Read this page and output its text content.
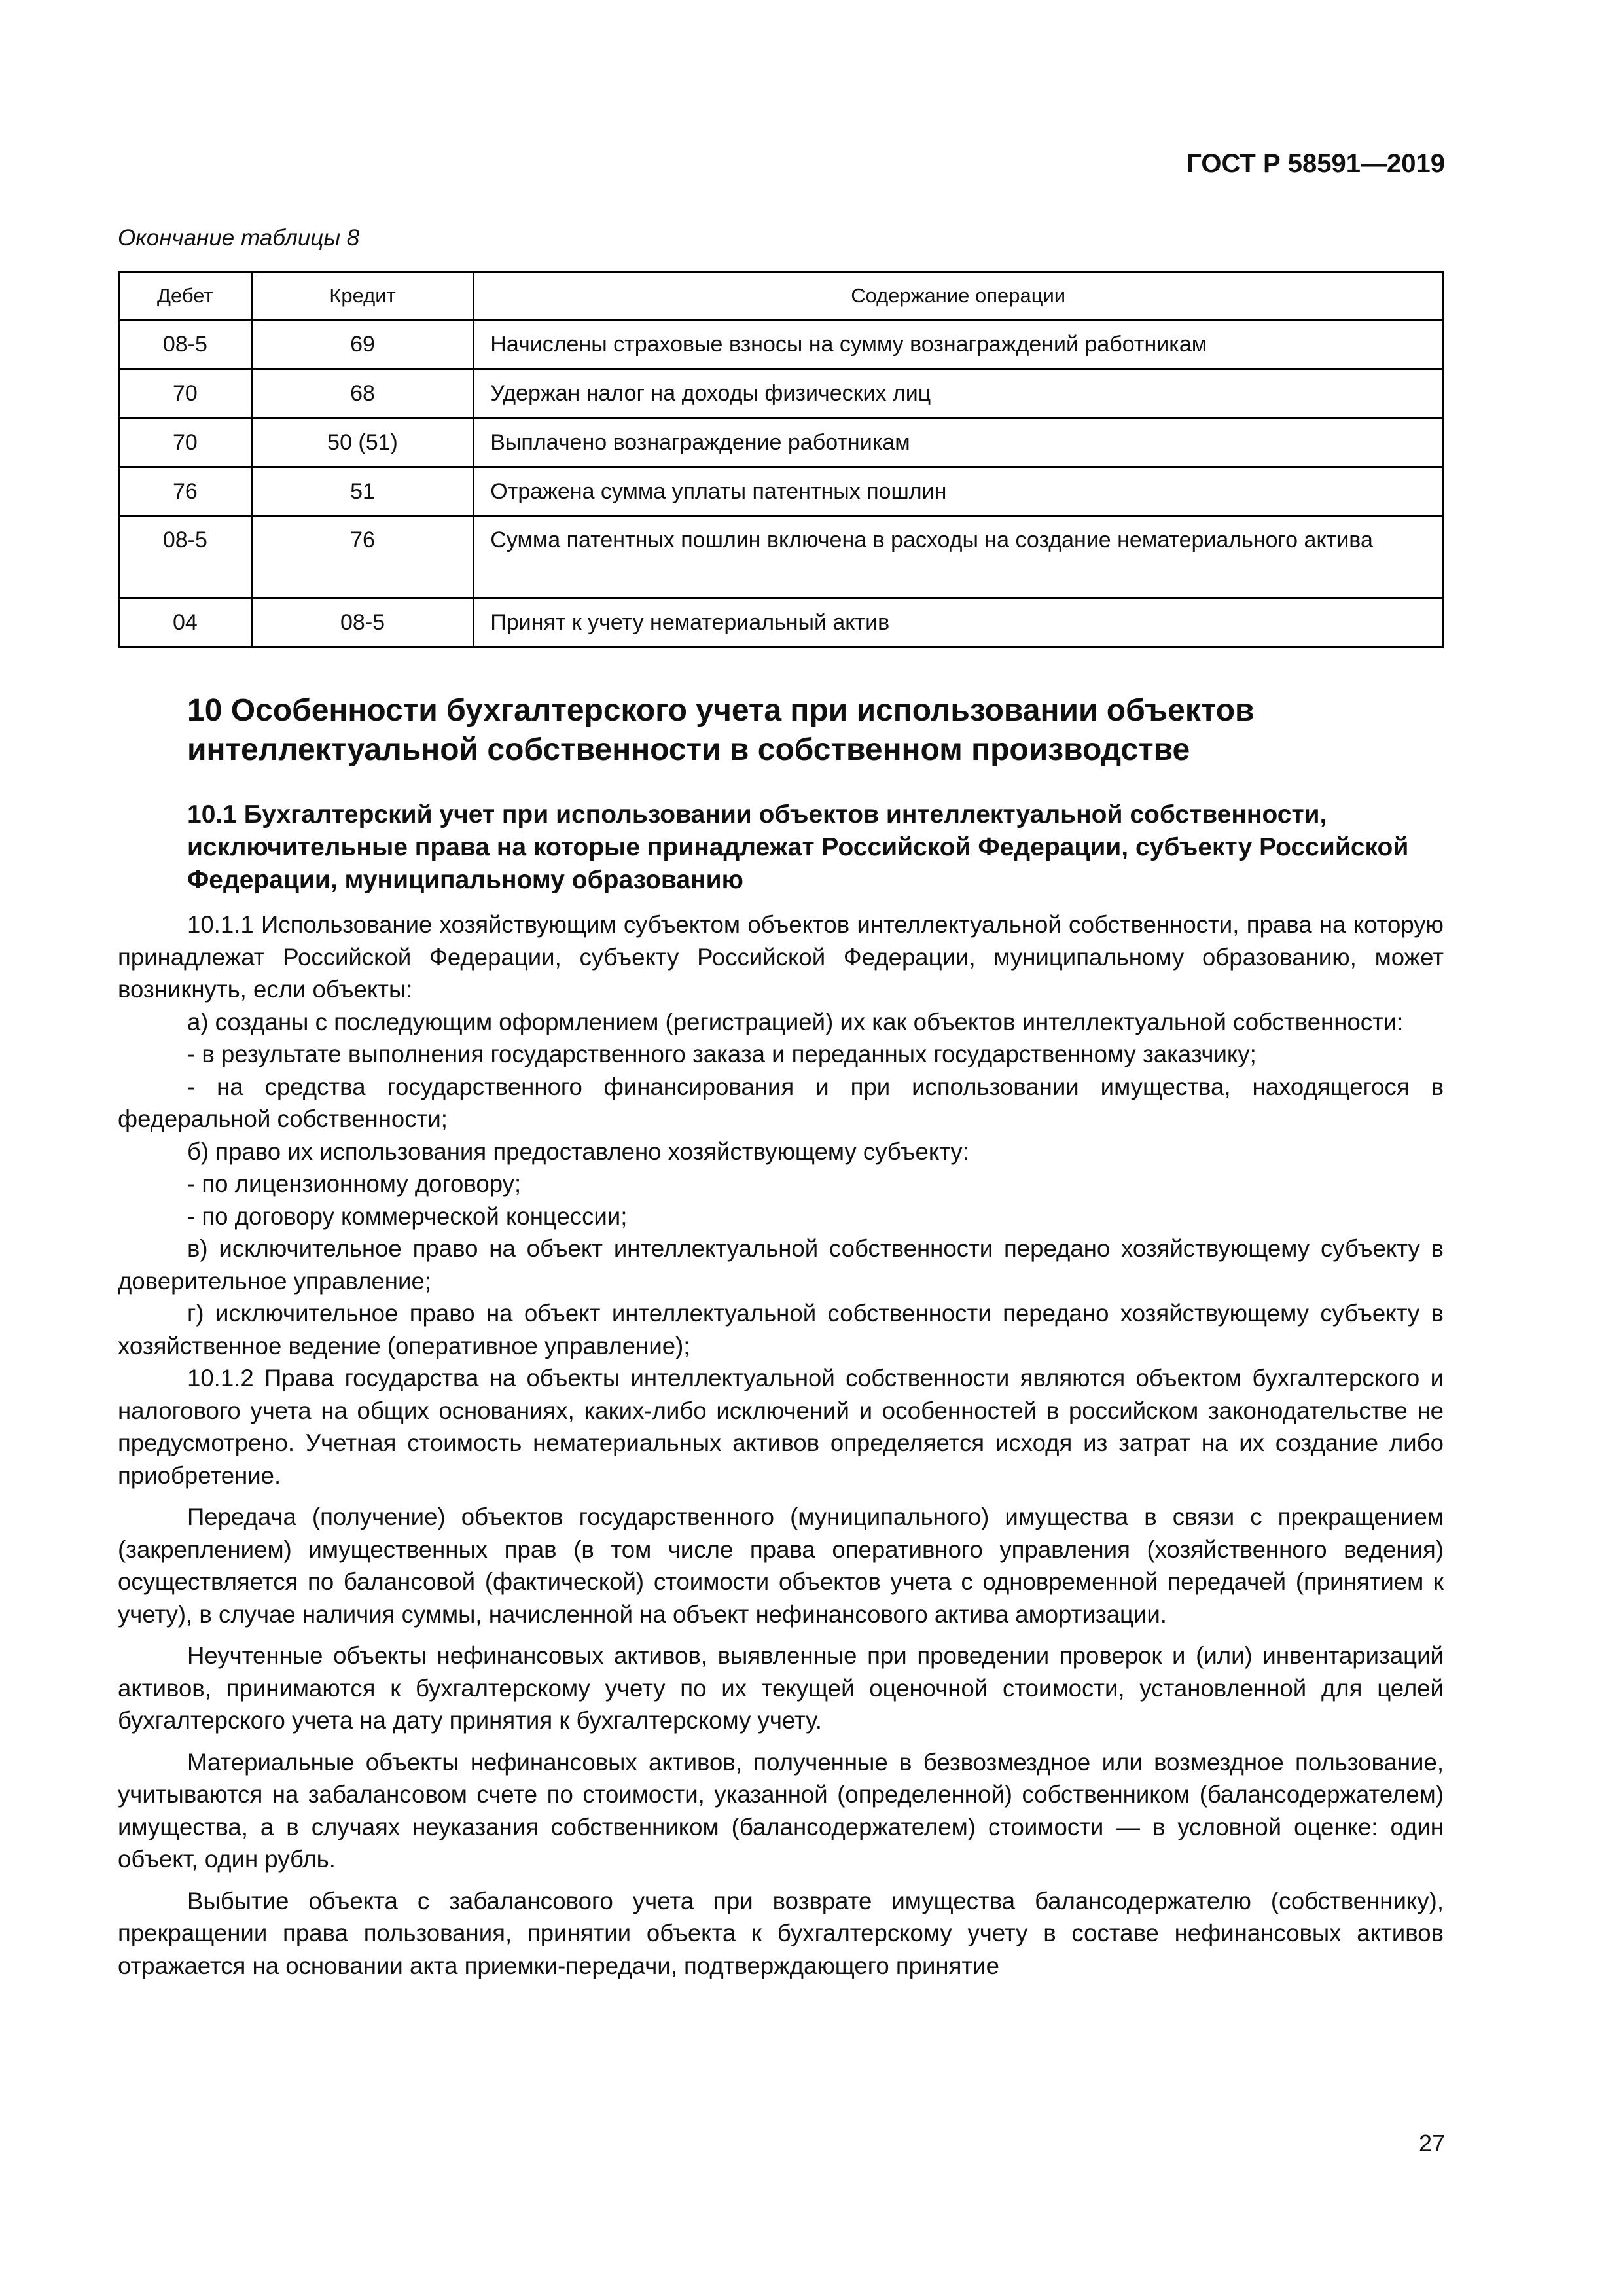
ГОСТ Р 58591—2019

Окончание таблицы 8

Дебет	Кредит	Содержание операции
08-5	69	Начислены страховые взносы на сумму вознаграждений работникам
70	68	Удержан налог на доходы физических лиц
70	50 (51)	Выплачено вознаграждение работникам
76	51	Отражена сумма уплаты патентных пошлин
08-5	76	Сумма патентных пошлин включена в расходы на создание нематериального актива
04	08-5	Принят к учету нематериальный актив
10 Особенности бухгалтерского учета при использовании объектов интеллектуальной собственности в собственном производстве
10.1 Бухгалтерский учет при использовании объектов интеллектуальной собственности, исключительные права на которые принадлежат Российской Федерации, субъекту Российской Федерации, муниципальному образованию

10.1.1 Использование хозяйствующим субъектом объектов интеллектуальной собственности, права на которую принадлежат Российской Федерации, субъекту Российской Федерации, муниципальному образованию, может возникнуть, если объекты:

а) созданы с последующим оформлением (регистрацией) их как объектов интеллектуальной собственности:

- в результате выполнения государственного заказа и переданных государственному заказчику;

- на средства государственного финансирования и при использовании имущества, находящегося в федеральной собственности;

б) право их использования предоставлено хозяйствующему субъекту:

- по лицензионному договору;

- по договору коммерческой концессии;

в) исключительное право на объект интеллектуальной собственности передано хозяйствующему субъекту в доверительное управление;

г) исключительное право на объект интеллектуальной собственности передано хозяйствующему субъекту в хозяйственное ведение (оперативное управление);

10.1.2 Права государства на объекты интеллектуальной собственности являются объектом бухгалтерского и налогового учета на общих основаниях, каких-либо исключений и особенностей в российском законодательстве не предусмотрено. Учетная стоимость нематериальных активов определяется исходя из затрат на их создание либо приобретение.

Передача (получение) объектов государственного (муниципального) имущества в связи с прекращением (закреплением) имущественных прав (в том числе права оперативного управления (хозяйственного ведения) осуществляется по балансовой (фактической) стоимости объектов учета с одновременной передачей (принятием к учету), в случае наличия суммы, начисленной на объект нефинансового актива амортизации.

Неучтенные объекты нефинансовых активов, выявленные при проведении проверок и (или) инвентаризаций активов, принимаются к бухгалтерскому учету по их текущей оценочной стоимости, установленной для целей бухгалтерского учета на дату принятия к бухгалтерскому учету.

Материальные объекты нефинансовых активов, полученные в безвозмездное или возмездное пользование, учитываются на забалансовом счете по стоимости, указанной (определенной) собственником (балансодержателем) имущества, а в случаях неуказания собственником (балансодержателем) стоимости — в условной оценке: один объект, один рубль.

Выбытие объекта с забалансового учета при возврате имущества балансодержателю (собственнику), прекращении права пользования, принятии объекта к бухгалтерскому учету в составе нефинансовых активов отражается на основании акта приемки-передачи, подтверждающего принятие

27
